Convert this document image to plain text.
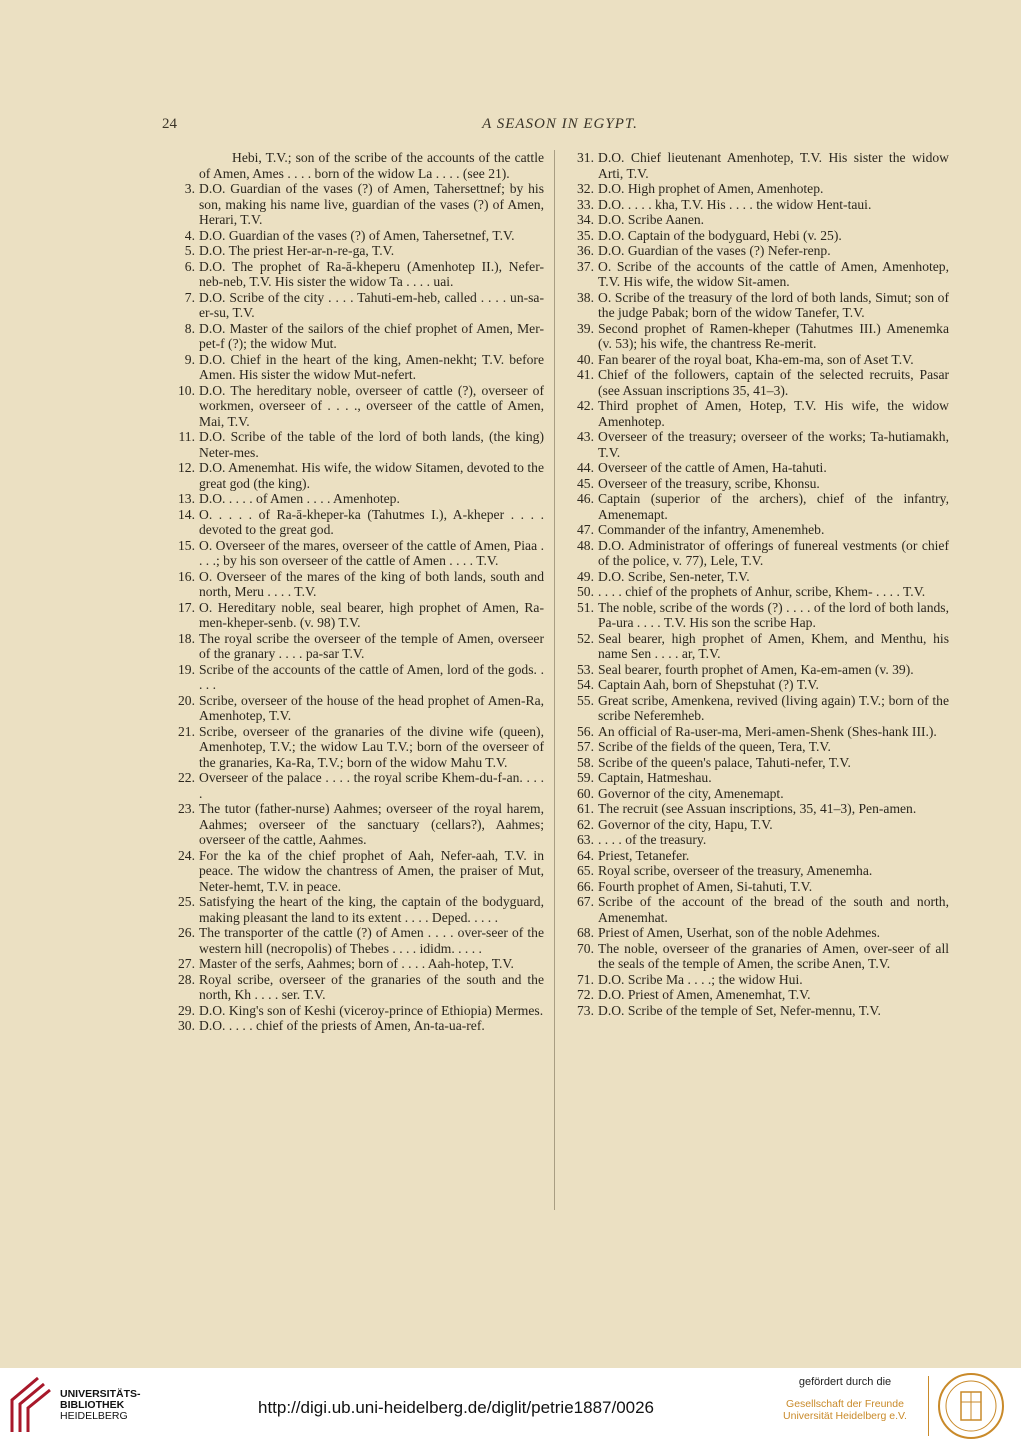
24	A SEASON IN EGYPT.
Hebi, T.V.; son of the scribe of the accounts of the cattle of Amen, Ames . . . . born of the widow La . . . . (see 21).
3. D.O. Guardian of the vases (?) of Amen, Tahersettnef; by his son, making his name live, guardian of the vases (?) of Amen, Herari, T.V.
4. D.O. Guardian of the vases (?) of Amen, Tahersetnef, T.V.
5. D.O. The priest Her-ar-n-re-ga, T.V.
6. D.O. The prophet of Ra-ā-kheperu (Amenhotep II.), Nefer-neb-neb, T.V. His sister the widow Ta . . . . uai.
7. D.O. Scribe of the city . . . . Tahuti-em-heb, called . . . . un-sa-er-su, T.V.
8. D.O. Master of the sailors of the chief prophet of Amen, Mer-pet-f (?); the widow Mut.
9. D.O. Chief in the heart of the king, Amen-nekht; T.V. before Amen. His sister the widow Mut-nefert.
10. D.O. The hereditary noble, overseer of cattle (?), overseer of workmen, overseer of . . . ., overseer of the cattle of Amen, Mai, T.V.
11. D.O. Scribe of the table of the lord of both lands, (the king) Neter-mes.
12. D.O. Amenemhat. His wife, the widow Sitamen, devoted to the great god (the king).
13. D.O. . . . . of Amen . . . . Amenhotep.
14. O. . . . . of Ra-ā-kheper-ka (Tahutmes I.), A-kheper . . . . devoted to the great god.
15. O. Overseer of the mares, overseer of the cattle of Amen, Piaa . . . .; by his son overseer of the cattle of Amen . . . . T.V.
16. O. Overseer of the mares of the king of both lands, south and north, Meru . . . . T.V.
17. O. Hereditary noble, seal bearer, high prophet of Amen, Ra-men-kheper-senb. (v. 98) T.V.
18. The royal scribe the overseer of the temple of Amen, overseer of the granary . . . . pa-sar T.V.
19. Scribe of the accounts of the cattle of Amen, lord of the gods. . . . .
20. Scribe, overseer of the house of the head prophet of Amen-Ra, Amenhotep, T.V.
21. Scribe, overseer of the granaries of the divine wife (queen), Amenhotep, T.V.; the widow Lau T.V.; born of the overseer of the granaries, Ka-Ra, T.V.; born of the widow Mahu T.V.
22. Overseer of the palace . . . . the royal scribe Khem-du-f-an. . . . .
23. The tutor (father-nurse) Aahmes; overseer of the royal harem, Aahmes; overseer of the sanctuary (cellars?), Aahmes; overseer of the cattle, Aahmes.
24. For the ka of the chief prophet of Aah, Nefer-aah, T.V. in peace. The widow the chantress of Amen, the praiser of Mut, Neter-hemt, T.V. in peace.
25. Satisfying the heart of the king, the captain of the bodyguard, making pleasant the land to its extent . . . . Deped. . . . .
26. The transporter of the cattle (?) of Amen . . . . over-seer of the western hill (necropolis) of Thebes . . . . ididm. . . . .
27. Master of the serfs, Aahmes; born of . . . . Aah-hotep, T.V.
28. Royal scribe, overseer of the granaries of the south and the north, Kh . . . . ser. T.V.
29. D.O. King's son of Keshi (viceroy-prince of Ethiopia) Mermes.
30. D.O. . . . . chief of the priests of Amen, An-ta-ua-ref.
31. D.O. Chief lieutenant Amenhotep, T.V. His sister the widow Arti, T.V.
32. D.O. High prophet of Amen, Amenhotep.
33. D.O. . . . . kha, T.V. His . . . . the widow Hent-taui.
34. D.O. Scribe Aanen.
35. D.O. Captain of the bodyguard, Hebi (v. 25).
36. D.O. Guardian of the vases (?) Nefer-renp.
37. O. Scribe of the accounts of the cattle of Amen, Amenhotep, T.V. His wife, the widow Sit-amen.
38. O. Scribe of the treasury of the lord of both lands, Simut; son of the judge Pabak; born of the widow Tanefer, T.V.
39. Second prophet of Ramen-kheper (Tahutmes III.) Amenemka (v. 53); his wife, the chantress Re-merit.
40. Fan bearer of the royal boat, Kha-em-ma, son of Aset T.V.
41. Chief of the followers, captain of the selected recruits, Pasar (see Assuan inscriptions 35, 41–3).
42. Third prophet of Amen, Hotep, T.V. His wife, the widow Amenhotep.
43. Overseer of the treasury; overseer of the works; Ta-hutiamakh, T.V.
44. Overseer of the cattle of Amen, Ha-tahuti.
45. Overseer of the treasury, scribe, Khonsu.
46. Captain (superior of the archers), chief of the infantry, Amenemapt.
47. Commander of the infantry, Amenemheb.
48. D.O. Administrator of offerings of funereal vestments (or chief of the police, v. 77), Lele, T.V.
49. D.O. Scribe, Sen-neter, T.V.
50. . . . . chief of the prophets of Anhur, scribe, Khem- . . . . T.V.
51. The noble, scribe of the words (?) . . . . of the lord of both lands, Pa-ura . . . . T.V. His son the scribe Hap.
52. Seal bearer, high prophet of Amen, Khem, and Menthu, his name Sen . . . . ar, T.V.
53. Seal bearer, fourth prophet of Amen, Ka-em-amen (v. 39).
54. Captain Aah, born of Shepstuhat (?) T.V.
55. Great scribe, Amenkena, revived (living again) T.V.; born of the scribe Neferemheb.
56. An official of Ra-user-ma, Meri-amen-Shenk (Shes-hank III.).
57. Scribe of the fields of the queen, Tera, T.V.
58. Scribe of the queen's palace, Tahuti-nefer, T.V.
59. Captain, Hatmeshau.
60. Governor of the city, Amenemapt.
61. The recruit (see Assuan inscriptions, 35, 41–3), Pen-amen.
62. Governor of the city, Hapu, T.V.
63. . . . . of the treasury.
64. Priest, Tetanefer.
65. Royal scribe, overseer of the treasury, Amenemha.
66. Fourth prophet of Amen, Si-tahuti, T.V.
67. Scribe of the account of the bread of the south and north, Amenemhat.
68. Priest of Amen, Userhat, son of the noble Adehmes.
70. The noble, overseer of the granaries of Amen, over-seer of all the seals of the temple of Amen, the scribe Anen, T.V.
71. D.O. Scribe Ma . . . .; the widow Hui.
72. D.O. Priest of Amen, Amenemhat, T.V.
73. D.O. Scribe of the temple of Set, Nefer-mennu, T.V.
UNIVERSITÄTS-
BIBLIOTHEK
HEIDELBERG	http://digi.ub.uni-heidelberg.de/diglit/petrie1887/0026
gefördert durch die
Gesellschaft der Freunde
Universität Heidelberg e.V.
